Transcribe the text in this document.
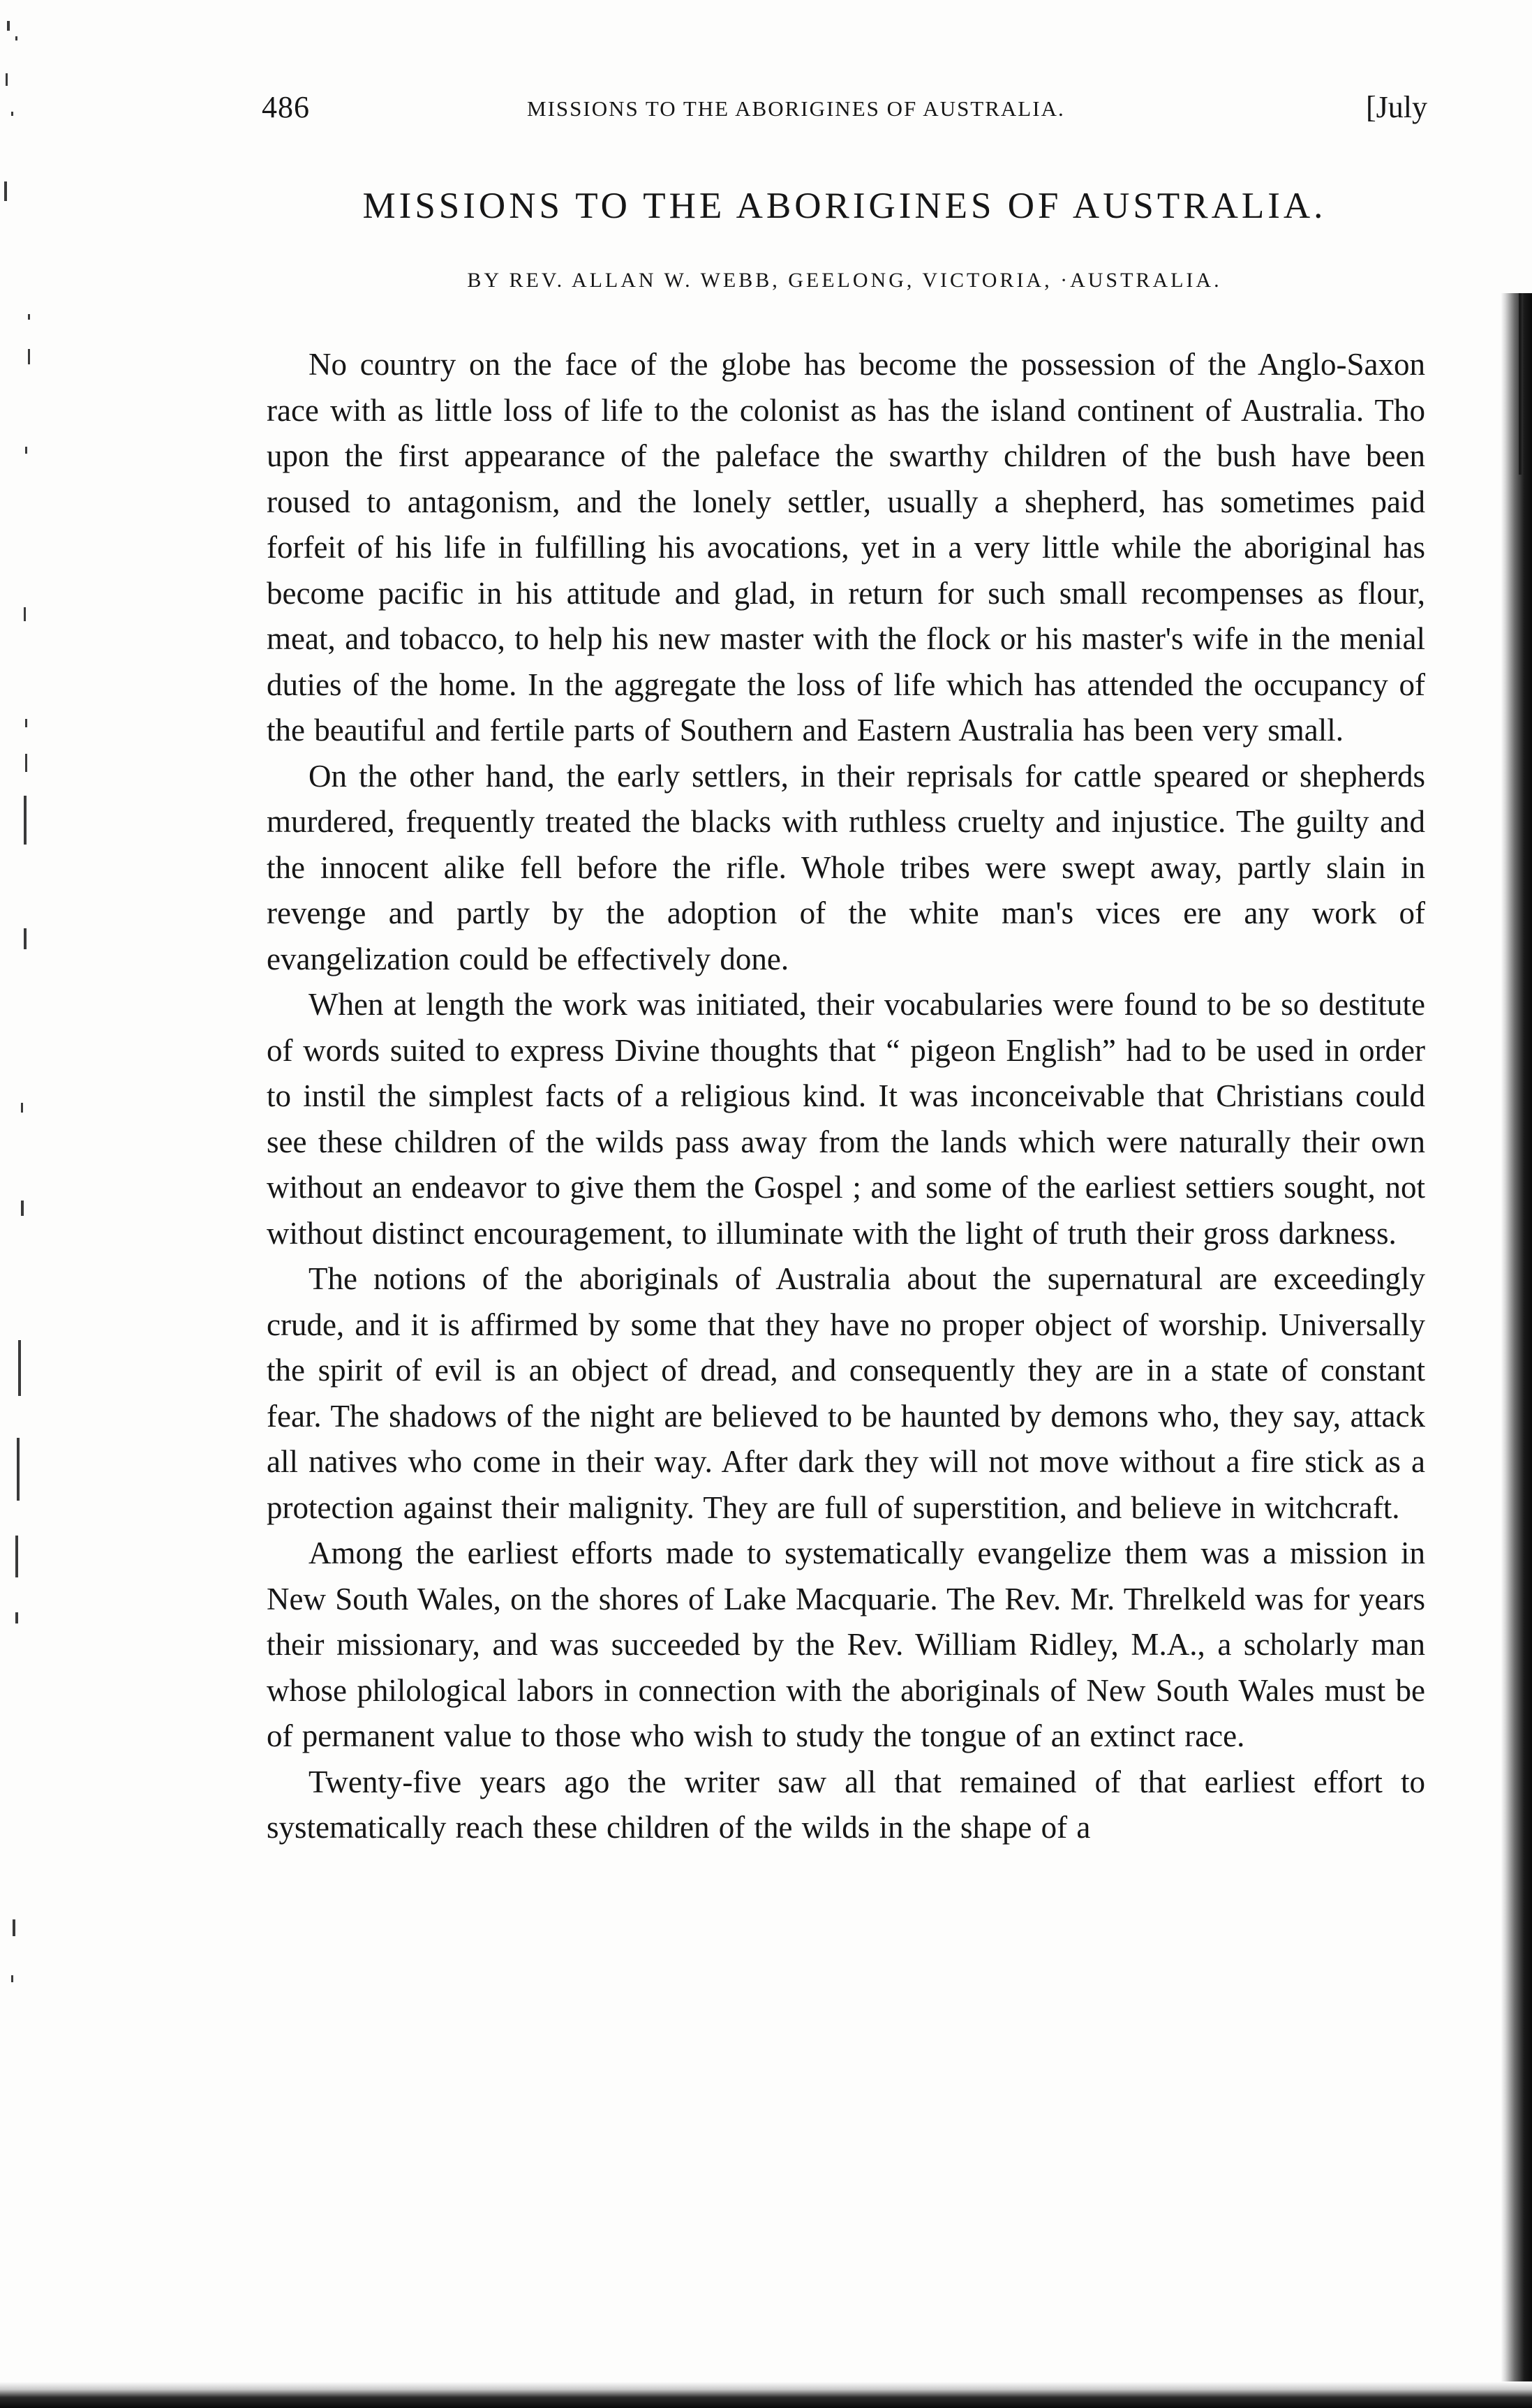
486	MISSIONS TO THE ABORIGINES OF AUSTRALIA.	[July
MISSIONS TO THE ABORIGINES OF AUSTRALIA.
BY REV. ALLAN W. WEBB, GEELONG, VICTORIA, ·AUSTRALIA.

No country on the face of the globe has become the possession of the Anglo-Saxon race with as little loss of life to the colonist as has the island continent of Australia. Tho upon the first appearance of the paleface the swarthy children of the bush have been roused to antagonism, and the lonely settler, usually a shepherd, has sometimes paid forfeit of his life in fulfilling his avocations, yet in a very little while the aboriginal has become pacific in his attitude and glad, in return for such small recompenses as flour, meat, and tobacco, to help his new master with the flock or his master's wife in the menial duties of the home. In the aggregate the loss of life which has attended the occupancy of the beautiful and fertile parts of Southern and Eastern Australia has been very small.

On the other hand, the early settlers, in their reprisals for cattle speared or shepherds murdered, frequently treated the blacks with ruthless cruelty and injustice. The guilty and the innocent alike fell before the rifle. Whole tribes were swept away, partly slain in revenge and partly by the adoption of the white man's vices ere any work of evangelization could be effectively done.

When at length the work was initiated, their vocabularies were found to be so destitute of words suited to express Divine thoughts that “ pigeon English” had to be used in order to instil the simplest facts of a religious kind. It was inconceivable that Christians could see these children of the wilds pass away from the lands which were naturally their own without an endeavor to give them the Gospel ; and some of the earliest settiers sought, not without distinct encouragement, to illuminate with the light of truth their gross darkness.

The notions of the aboriginals of Australia about the supernatural are exceedingly crude, and it is affirmed by some that they have no proper object of worship. Universally the spirit of evil is an object of dread, and consequently they are in a state of constant fear. The shadows of the night are believed to be haunted by demons who, they say, attack all natives who come in their way. After dark they will not move without a fire stick as a protection against their malignity. They are full of superstition, and believe in witchcraft.

Among the earliest efforts made to systematically evangelize them was a mission in New South Wales, on the shores of Lake Macquarie. The Rev. Mr. Threlkeld was for years their missionary, and was succeeded by the Rev. William Ridley, M.A., a scholarly man whose philological labors in connection with the aboriginals of New South Wales must be of permanent value to those who wish to study the tongue of an extinct race.

Twenty-five years ago the writer saw all that remained of that earliest effort to systematically reach these children of the wilds in the shape of a
